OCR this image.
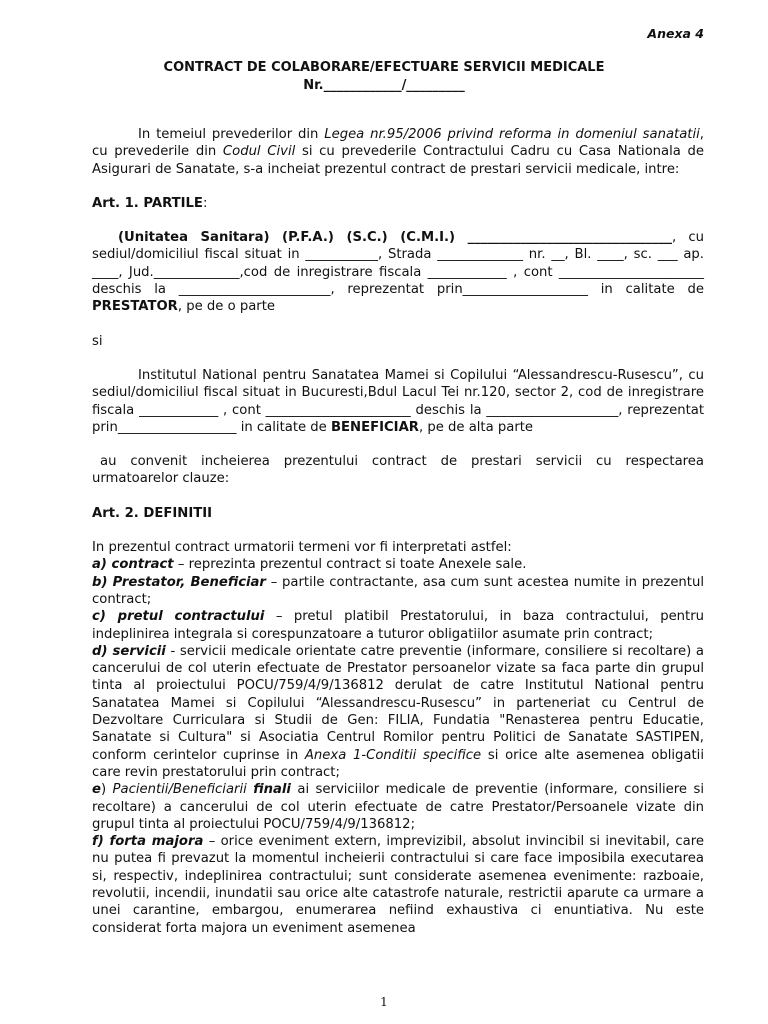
Anexa 4
CONTRACT DE COLABORARE/EFECTUARE SERVICII MEDICALE
Nr.____________/_________

In temeiul prevederilor din Legea nr.95/2006 privind reforma in domeniul sanatatii, cu prevederile din Codul Civil si cu prevederile Contractului Cadru cu Casa Nationala de Asigurari de Sanatate, s-a incheiat prezentul contract de prestari servicii medicale, intre:

Art. 1. PARTILE:

(Unitatea Sanitara) (P.F.A.) (S.C.) (C.M.I.) _______________________________, cu sediul/domiciliul fiscal situat in ___________, Strada _____________ nr. __, Bl. ____, sc. ___ ap. ____, Jud._____________,cod de inregistrare fiscala ____________ , cont ______________________ deschis la _______________________, reprezentat prin___________________ in calitate de PRESTATOR, pe de o parte

si

Institutul National pentru Sanatatea Mamei si Copilului “Alessandrescu-Rusescu”, cu sediul/domiciliul fiscal situat in Bucuresti,Bdul Lacul Tei nr.120, sector 2, cod de inregistrare fiscala ____________ , cont ______________________ deschis la ____________________, reprezentat prin__________________ in calitate de BENEFICIAR, pe de alta parte

au convenit incheierea prezentului contract de prestari servicii cu respectarea urmatoarelor clauze:

Art. 2. DEFINITII

In prezentul contract urmatorii termeni vor fi interpretati astfel:

a) contract – reprezinta prezentul contract si toate Anexele sale.

b) Prestator, Beneficiar – partile contractante, asa cum sunt acestea numite in prezentul contract;

c) pretul contractului – pretul platibil Prestatorului, in baza contractului, pentru indeplinirea integrala si corespunzatoare a tuturor obligatiilor asumate prin contract;

d) servicii - servicii medicale orientate catre preventie (informare, consiliere si recoltare) a cancerului de col uterin efectuate de Prestator persoanelor vizate sa faca parte din grupul tinta al proiectului POCU/759/4/9/136812 derulat de catre Institutul National pentru Sanatatea Mamei si Copilului “Alessandrescu-Rusescu” in parteneriat cu Centrul de Dezvoltare Curriculara si Studii de Gen: FILIA, Fundatia "Renasterea pentru Educatie, Sanatate si Cultura" si Asociatia Centrul Romilor pentru Politici de Sanatate SASTIPEN, conform cerintelor cuprinse in Anexa 1-Conditii specifice si orice alte asemenea obligatii care revin prestatorului prin contract;

e) Pacientii/Beneficiarii finali ai serviciilor medicale de preventie (informare, consiliere si recoltare) a cancerului de col uterin efectuate de catre Prestator/Persoanele vizate din grupul tinta al proiectului POCU/759/4/9/136812;

f) forta majora – orice eveniment extern, imprevizibil, absolut invincibil si inevitabil, care nu putea fi prevazut la momentul incheierii contractului si care face imposibila executarea si, respectiv, indeplinirea contractului; sunt considerate asemenea evenimente: razboaie, revolutii, incendii, inundatii sau orice alte catastrofe naturale, restrictii aparute ca urmare a unei carantine, embargou, enumerarea nefiind exhaustiva ci enuntiativa. Nu este considerat forta majora un eveniment asemenea

1
